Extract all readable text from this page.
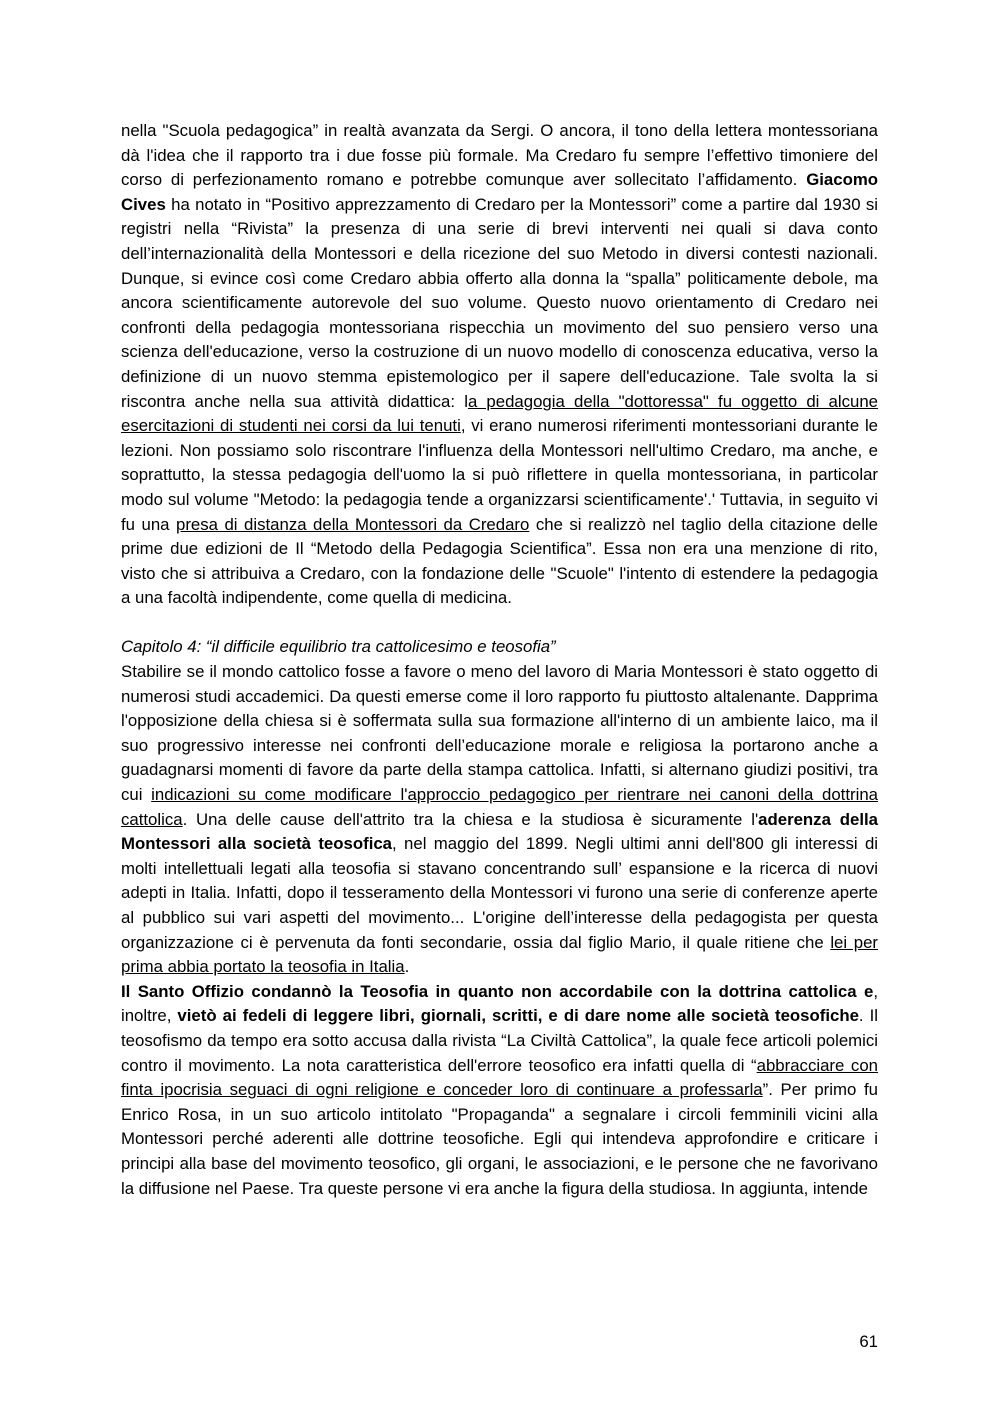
nella "Scuola pedagogica” in realtà avanzata da Sergi. O ancora, il tono della lettera montessoriana dà l'idea che il rapporto tra i due fosse più formale. Ma Credaro fu sempre l’effettivo timoniere del corso di perfezionamento romano e potrebbe comunque aver sollecitato l’affidamento. Giacomo Cives ha notato in “Positivo apprezzamento di Credaro per la Montessori” come a partire dal 1930 si registri nella “Rivista” la presenza di una serie di brevi interventi nei quali si dava conto dell’internazionalità della Montessori e della ricezione del suo Metodo in diversi contesti nazionali. Dunque, si evince così come Credaro abbia offerto alla donna la “spalla” politicamente debole, ma ancora scientificamente autorevole del suo volume. Questo nuovo orientamento di Credaro nei confronti della pedagogia montessoriana rispecchia un movimento del suo pensiero verso una scienza dell'educazione, verso la costruzione di un nuovo modello di conoscenza educativa, verso la definizione di un nuovo stemma epistemologico per il sapere dell'educazione. Tale svolta la si riscontra anche nella sua attività didattica: la pedagogia della "dottoressa" fu oggetto di alcune esercitazioni di studenti nei corsi da lui tenuti, vi erano numerosi riferimenti montessoriani durante le lezioni. Non possiamo solo riscontrare l'influenza della Montessori nell'ultimo Credaro, ma anche, e soprattutto, la stessa pedagogia dell'uomo la si può riflettere in quella montessoriana, in particolar modo sul volume "Metodo: la pedagogia tende a organizzarsi scientificamente'.' Tuttavia, in seguito vi fu una presa di distanza della Montessori da Credaro che si realizzò nel taglio della citazione delle prime due edizioni de Il “Metodo della Pedagogia Scientifica”. Essa non era una menzione di rito, visto che si attribuiva a Credaro, con la fondazione delle "Scuole" l'intento di estendere la pedagogia a una facoltà indipendente, come quella di medicina.

Capitolo 4: “il difficile equilibrio tra cattolicesimo e teosofia”

Stabilire se il mondo cattolico fosse a favore o meno del lavoro di Maria Montessori è stato oggetto di numerosi studi accademici. Da questi emerse come il loro rapporto fu piuttosto altalenante. Dapprima l'opposizione della chiesa si è soffermata sulla sua formazione all'interno di un ambiente laico, ma il suo progressivo interesse nei confronti dell’educazione morale e religiosa la portarono anche a guadagnarsi momenti di favore da parte della stampa cattolica. Infatti, si alternano giudizi positivi, tra cui indicazioni su come modificare l'approccio pedagogico per rientrare nei canoni della dottrina cattolica. Una delle cause dell'attrito tra la chiesa e la studiosa è sicuramente l'aderenza della Montessori alla società teosofica, nel maggio del 1899. Negli ultimi anni dell'800 gli interessi di molti intellettuali legati alla teosofia si stavano concentrando sull’ espansione e la ricerca di nuovi adepti in Italia. Infatti, dopo il tesseramento della Montessori vi furono una serie di conferenze aperte al pubblico sui vari aspetti del movimento... L'origine dell’interesse della pedagogista per questa organizzazione ci è pervenuta da fonti secondarie, ossia dal figlio Mario, il quale ritiene che lei per prima abbia portato la teosofia in Italia.

Il Santo Offizio condannò la Teosofia in quanto non accordabile con la dottrina cattolica e, inoltre, vietò ai fedeli di leggere libri, giornali, scritti, e di dare nome alle società teosofiche. Il teosofismo da tempo era sotto accusa dalla rivista “La Civiltà Cattolica”, la quale fece articoli polemici contro il movimento. La nota caratteristica dell'errore teosofico era infatti quella di “abbracciare con finta ipocrisia seguaci di ogni religione e conceder loro di continuare a professarla”. Per primo fu Enrico Rosa, in un suo articolo intitolato "Propaganda" a segnalare i circoli femminili vicini alla Montessori perché aderenti alle dottrine teosofiche. Egli qui intendeva approfondire e criticare i principi alla base del movimento teosofico, gli organi, le associazioni, e le persone che ne favorivano la diffusione nel Paese. Tra queste persone vi era anche la figura della studiosa. In aggiunta, intende

61
